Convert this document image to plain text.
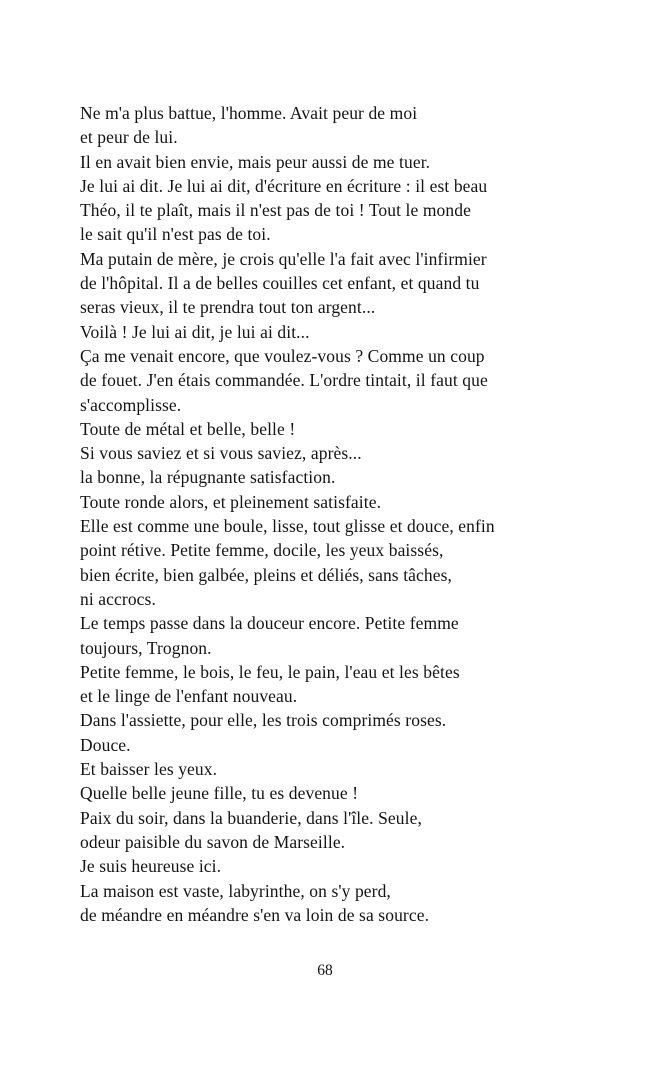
Ne m'a plus battue, l'homme. Avait peur de moi
et peur de lui.
Il en avait bien envie, mais peur aussi de me tuer.
Je lui ai dit. Je lui ai dit, d'écriture en écriture : il est beau
Théo, il te plaît, mais il n'est pas de toi ! Tout le monde
le sait qu'il n'est pas de toi.
Ma putain de mère, je crois qu'elle l'a fait avec l'infirmier
de l'hôpital. Il a de belles couilles cet enfant, et quand tu
seras vieux, il te prendra tout ton argent...
Voilà ! Je lui ai dit, je lui ai dit...
Ça me venait encore, que voulez-vous ? Comme un coup
de fouet. J'en étais commandée. L'ordre tintait, il faut que
s'accomplisse.
Toute de métal et belle, belle !
Si vous saviez et si vous saviez, après...
la bonne, la répugnante satisfaction.
Toute ronde alors, et pleinement satisfaite.
Elle est comme une boule, lisse, tout glisse et douce, enfin
point rétive. Petite femme, docile, les yeux baissés,
bien écrite, bien galbée, pleins et déliés, sans tâches,
ni accrocs.
Le temps passe dans la douceur encore. Petite femme
toujours, Trognon.
Petite femme, le bois, le feu, le pain, l'eau et les bêtes
et le linge de l'enfant nouveau.
Dans l'assiette, pour elle, les trois comprimés roses.
Douce.
Et baisser les yeux.
Quelle belle jeune fille, tu es devenue !
Paix du soir, dans la buanderie, dans l'île. Seule,
odeur paisible du savon de Marseille.
Je suis heureuse ici.
La maison est vaste, labyrinthe, on s'y perd,
de méandre en méandre s'en va loin de sa source.
68
